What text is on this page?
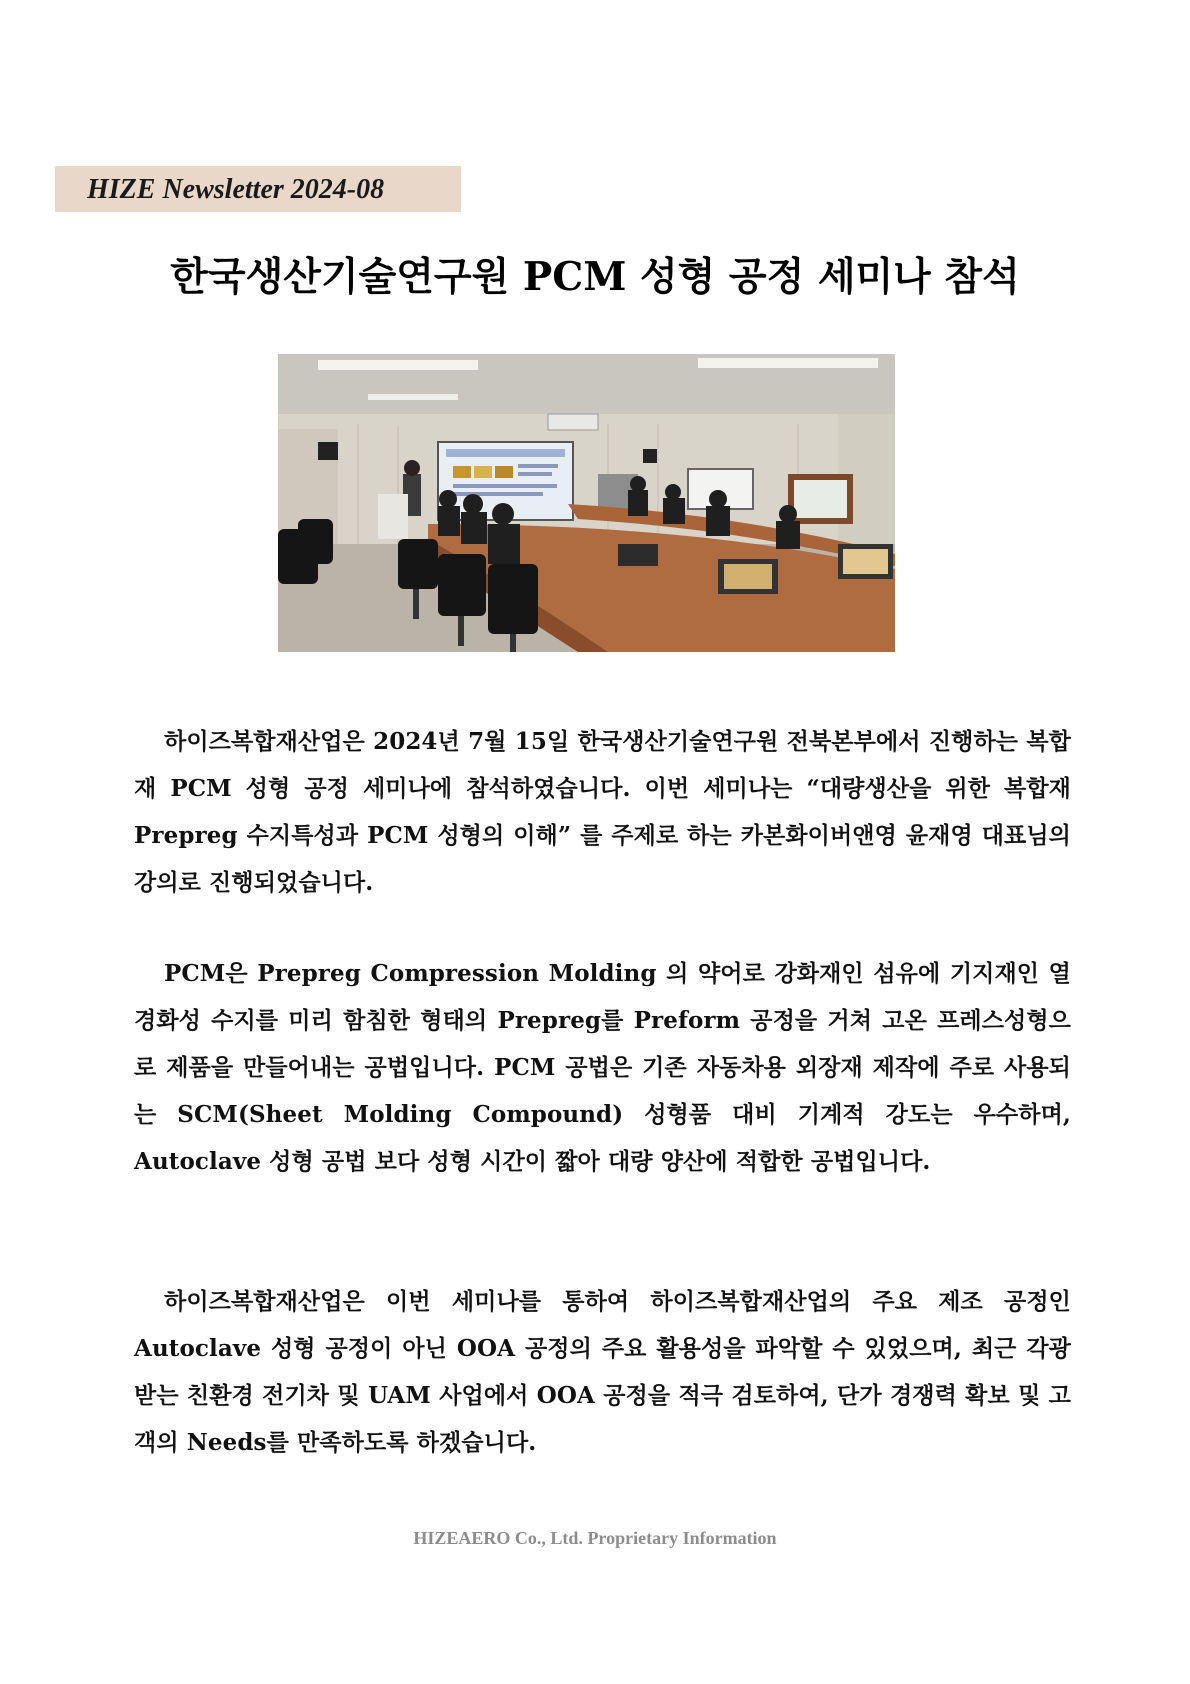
HIZE Newsletter 2024-08
한국생산기술연구원 PCM 성형 공정 세미나 참석

하이즈복합재산업은 2024년 7월 15일 한국생산기술연구원 전북본부에서 진행하는 복합재 PCM 성형 공정 세미나에 참석하였습니다. 이번 세미나는 “대량생산을 위한 복합재 Prepreg 수지특성과 PCM 성형의 이해” 를 주제로 하는 카본화이버앤영 윤재영 대표님의 강의로 진행되었습니다.

PCM은 Prepreg Compression Molding 의 약어로 강화재인 섬유에 기지재인 열경화성 수지를 미리 함침한 형태의 Prepreg를 Preform 공정을 거쳐 고온 프레스성형으로 제품을 만들어내는 공법입니다. PCM 공법은 기존 자동차용 외장재 제작에 주로 사용되는 SCM(Sheet Molding Compound) 성형품 대비 기계적 강도는 우수하며, Autoclave 성형 공법 보다 성형 시간이 짧아 대량 양산에 적합한 공법입니다.

하이즈복합재산업은 이번 세미나를 통하여 하이즈복합재산업의 주요 제조 공정인 Autoclave 성형 공정이 아닌 OOA 공정의 주요 활용성을 파악할 수 있었으며, 최근 각광받는 친환경 전기차 및 UAM 사업에서 OOA 공정을 적극 검토하여, 단가 경쟁력 확보 및 고객의 Needs를 만족하도록 하겠습니다.

HIZEAERO Co., Ltd. Proprietary Information
